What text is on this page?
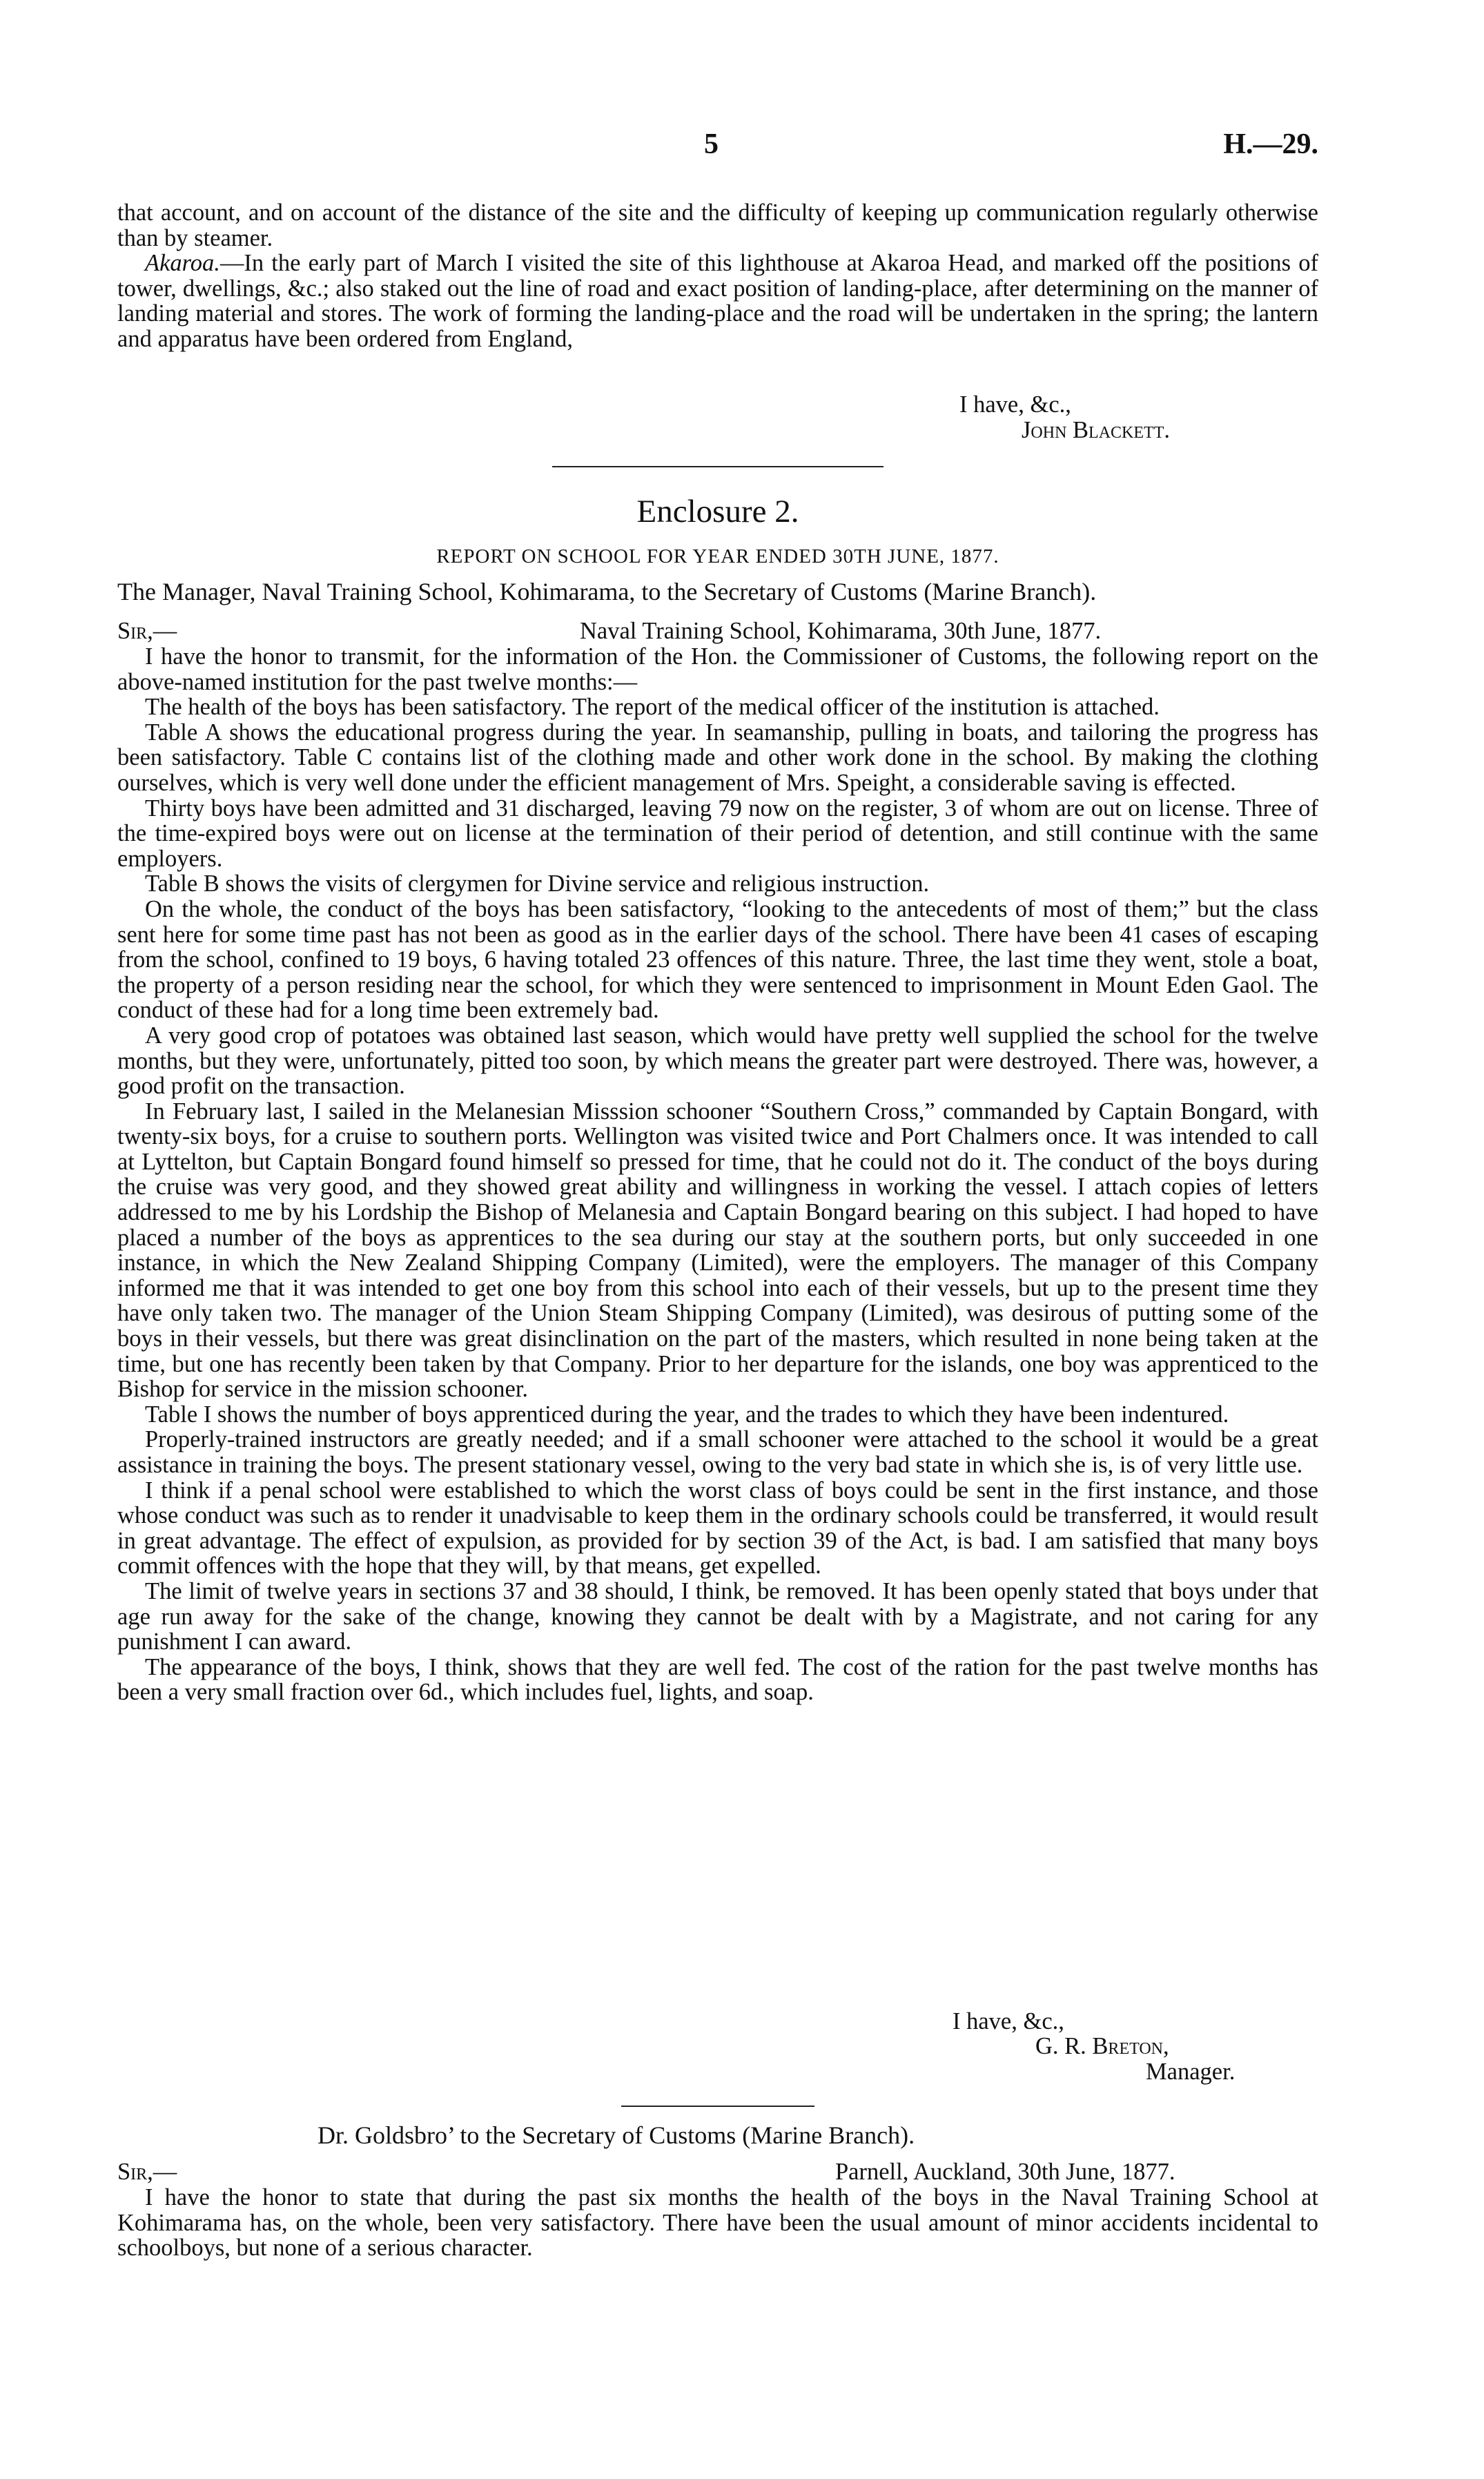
5	H.—29.

that account, and on account of the distance of the site and the difficulty of keeping up communication regularly otherwise than by steamer.

Akaroa.—In the early part of March I visited the site of this lighthouse at Akaroa Head, and marked off the positions of tower, dwellings, &c.; also staked out the line of road and exact position of landing-place, after determining on the manner of landing material and stores. The work of forming the landing-place and the road will be undertaken in the spring; the lantern and apparatus have been ordered from England,

I have, &c.,
John Blackett.
Enclosure 2.
REPORT ON SCHOOL FOR YEAR ENDED 30TH JUNE, 1877.
The Manager, Naval Training School, Kohimarama, to the Secretary of Customs (Marine Branch).
Sir,—	Naval Training School, Kohimarama, 30th June, 1877.

I have the honor to transmit, for the information of the Hon. the Commissioner of Customs, the following report on the above-named institution for the past twelve months:—

The health of the boys has been satisfactory. The report of the medical officer of the institution is attached.

Table A shows the educational progress during the year. In seamanship, pulling in boats, and tailoring the progress has been satisfactory. Table C contains list of the clothing made and other work done in the school. By making the clothing ourselves, which is very well done under the efficient management of Mrs. Speight, a considerable saving is effected.

Thirty boys have been admitted and 31 discharged, leaving 79 now on the register, 3 of whom are out on license. Three of the time-expired boys were out on license at the termination of their period of detention, and still continue with the same employers.

Table B shows the visits of clergymen for Divine service and religious instruction.

On the whole, the conduct of the boys has been satisfactory, “looking to the antecedents of most of them;” but the class sent here for some time past has not been as good as in the earlier days of the school. There have been 41 cases of escaping from the school, confined to 19 boys, 6 having totaled 23 offences of this nature. Three, the last time they went, stole a boat, the property of a person residing near the school, for which they were sentenced to imprisonment in Mount Eden Gaol. The conduct of these had for a long time been extremely bad.

A very good crop of potatoes was obtained last season, which would have pretty well supplied the school for the twelve months, but they were, unfortunately, pitted too soon, by which means the greater part were destroyed. There was, however, a good profit on the transaction.

In February last, I sailed in the Melanesian Misssion schooner “Southern Cross,” commanded by Captain Bongard, with twenty-six boys, for a cruise to southern ports. Wellington was visited twice and Port Chalmers once. It was intended to call at Lyttelton, but Captain Bongard found himself so pressed for time, that he could not do it. The conduct of the boys during the cruise was very good, and they showed great ability and willingness in working the vessel. I attach copies of letters addressed to me by his Lordship the Bishop of Melanesia and Captain Bongard bearing on this subject. I had hoped to have placed a number of the boys as apprentices to the sea during our stay at the southern ports, but only succeeded in one instance, in which the New Zealand Shipping Company (Limited), were the employers. The manager of this Company informed me that it was intended to get one boy from this school into each of their vessels, but up to the present time they have only taken two. The manager of the Union Steam Shipping Company (Limited), was desirous of putting some of the boys in their vessels, but there was great disinclination on the part of the masters, which resulted in none being taken at the time, but one has recently been taken by that Company. Prior to her departure for the islands, one boy was apprenticed to the Bishop for service in the mission schooner.

Table I shows the number of boys apprenticed during the year, and the trades to which they have been indentured.

Properly-trained instructors are greatly needed; and if a small schooner were attached to the school it would be a great assistance in training the boys. The present stationary vessel, owing to the very bad state in which she is, is of very little use.

I think if a penal school were established to which the worst class of boys could be sent in the first instance, and those whose conduct was such as to render it unadvisable to keep them in the ordinary schools could be transferred, it would result in great advantage. The effect of expulsion, as provided for by section 39 of the Act, is bad. I am satisfied that many boys commit offences with the hope that they will, by that means, get expelled.

The limit of twelve years in sections 37 and 38 should, I think, be removed. It has been openly stated that boys under that age run away for the sake of the change, knowing they cannot be dealt with by a Magistrate, and not caring for any punishment I can award.

The appearance of the boys, I think, shows that they are well fed. The cost of the ration for the past twelve months has been a very small fraction over 6d., which includes fuel, lights, and soap.

I have, &c.,
G. R. Breton,
Manager.
Dr. Goldsbro’ to the Secretary of Customs (Marine Branch).
Sir,—	Parnell, Auckland, 30th June, 1877.

I have the honor to state that during the past six months the health of the boys in the Naval Training School at Kohimarama has, on the whole, been very satisfactory. There have been the usual amount of minor accidents incidental to schoolboys, but none of a serious character.
